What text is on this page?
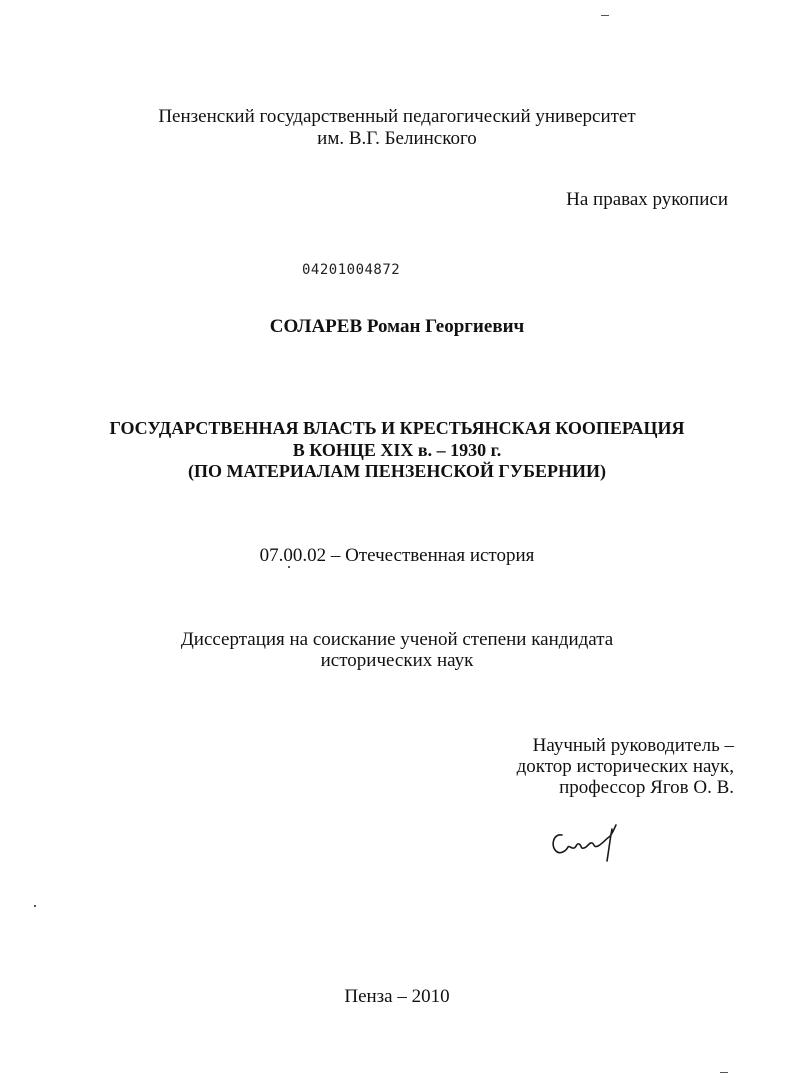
Пензенский государственный педагогический университет
им. В.Г. Белинского
На правах рукописи
04201004872
СОЛАРЕВ Роман Георгиевич
ГОСУДАРСТВЕННАЯ ВЛАСТЬ И КРЕСТЬЯНСКАЯ КООПЕРАЦИЯ
В КОНЦЕ XIX в. – 1930 г.
(ПО МАТЕРИАЛАМ ПЕНЗЕНСКОЙ ГУБЕРНИИ)
07.00.02 – Отечественная история
Диссертация на соискание ученой степени кандидата
исторических наук
Научный руководитель –
доктор исторических наук,
профессор Ягов О. В.
Пенза – 2010
